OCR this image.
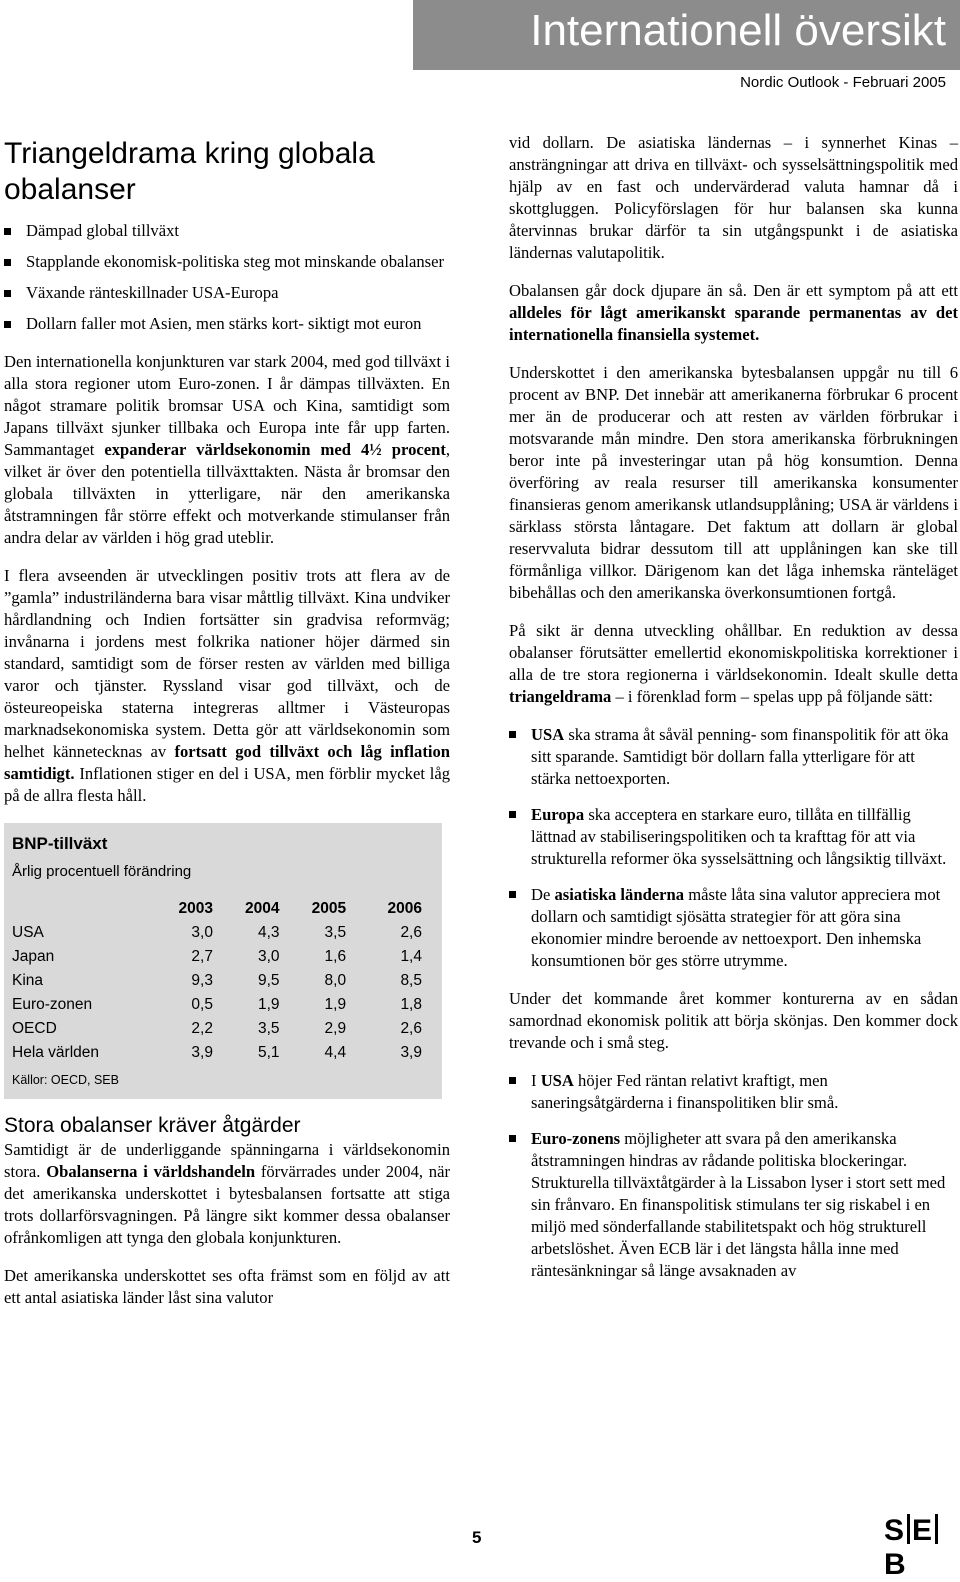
Internationell översikt
Nordic Outlook - Februari 2005
Triangeldrama kring globala obalanser
Dämpad global tillväxt
Stapplande ekonomisk-politiska steg mot minskande obalanser
Växande ränteskillnader USA-Europa
Dollarn faller mot Asien, men stärks kort- siktigt mot euron

Den internationella konjunkturen var stark 2004, med god tillväxt i alla stora regioner utom Euro-zonen. I år dämpas tillväxten. En något stramare politik bromsar USA och Kina, samtidigt som Japans tillväxt sjunker tillbaka och Europa inte får upp farten. Sammantaget expanderar världsekonomin med 4½ procent, vilket är över den potentiella tillväxttakten. Nästa år bromsar den globala tillväxten in ytterligare, när den amerikanska åtstramningen får större effekt och motverkande stimulanser från andra delar av världen i hög grad uteblir.

I flera avseenden är utvecklingen positiv trots att flera av de ”gamla” industriländerna bara visar måttlig tillväxt. Kina undviker hårdlandning och Indien fortsätter sin gradvisa reformväg; invånarna i jordens mest folkrika nationer höjer därmed sin standard, samtidigt som de förser resten av världen med billiga varor och tjänster. Ryssland visar god tillväxt, och de östeureopeiska staterna integreras alltmer i Västeuropas marknadsekonomiska system. Detta gör att världsekonomin som helhet kännetecknas av fortsatt god tillväxt och låg inflation samtidigt. Inflationen stiger en del i USA, men förblir mycket låg på de allra flesta håll.

BNP-tillväxt
Årlig procentuell förändring
	2003	2004	2005	2006
USA	3,0	4,3	3,5	2,6
Japan	2,7	3,0	1,6	1,4
Kina	9,3	9,5	8,0	8,5
Euro-zonen	0,5	1,9	1,9	1,8
OECD	2,2	3,5	2,9	2,6
Hela världen	3,9	5,1	4,4	3,9
Källor: OECD, SEB
Stora obalanser kräver åtgärder

Samtidigt är de underliggande spänningarna i världsekonomin stora. Obalanserna i världshandeln förvärrades under 2004, när det amerikanska underskottet i bytesbalansen fortsatte att stiga trots dollarförsvagningen. På längre sikt kommer dessa obalanser ofrånkomligen att tynga den globala konjunkturen.

Det amerikanska underskottet ses ofta främst som en följd av att ett antal asiatiska länder låst sina valutor

vid dollarn. De asiatiska ländernas – i synnerhet Kinas – ansträngningar att driva en tillväxt- och sysselsättningspolitik med hjälp av en fast och undervärderad valuta hamnar då i skottgluggen. Policyförslagen för hur balansen ska kunna återvinnas brukar därför ta sin utgångspunkt i de asiatiska ländernas valutapolitik.

Obalansen går dock djupare än så. Den är ett symptom på att ett alldeles för lågt amerikanskt sparande permanentas av det internationella finansiella systemet.

Underskottet i den amerikanska bytesbalansen uppgår nu till 6 procent av BNP. Det innebär att amerikanerna förbrukar 6 procent mer än de producerar och att resten av världen förbrukar i motsvarande mån mindre. Den stora amerikanska förbrukningen beror inte på investeringar utan på hög konsumtion. Denna överföring av reala resurser till amerikanska konsumenter finansieras genom amerikansk utlandsupplåning; USA är världens i särklass största låntagare. Det faktum att dollarn är global reservvaluta bidrar dessutom till att upplåningen kan ske till förmånliga villkor. Därigenom kan det låga inhemska ränteläget bibehållas och den amerikanska överkonsumtionen fortgå.

På sikt är denna utveckling ohållbar. En reduktion av dessa obalanser förutsätter emellertid ekonomiskpolitiska korrektioner i alla de tre stora regionerna i världsekonomin. Idealt skulle detta triangeldrama – i förenklad form – spelas upp på följande sätt:

USA ska strama åt såväl penning- som finanspolitik för att öka sitt sparande. Samtidigt bör dollarn falla ytterligare för att stärka nettoexporten.
Europa ska acceptera en starkare euro, tillåta en tillfällig lättnad av stabiliseringspolitiken och ta krafttag för att via strukturella reformer öka sysselsättning och långsiktig tillväxt.
De asiatiska länderna måste låta sina valutor appreciera mot dollarn och samtidigt sjösätta strategier för att göra sina ekonomier mindre beroende av nettoexport. Den inhemska konsumtionen bör ges större utrymme.

Under det kommande året kommer konturerna av en sådan samordnad ekonomisk politik att börja skönjas. Den kommer dock trevande och i små steg.

I USA höjer Fed räntan relativt kraftigt, men saneringsåtgärderna i finanspolitiken blir små.
Euro-zonens möjligheter att svara på den amerikanska åtstramningen hindras av rådande politiska blockeringar. Strukturella tillväxtåtgärder à la Lissabon lyser i stort sett med sin frånvaro. En finanspolitisk stimulans ter sig riskabel i en miljö med sönderfallande stabilitetspakt och hög strukturell arbetslöshet. Även ECB lär i det längsta hålla inne med räntesänkningar så länge avsaknaden av
5	S EB
